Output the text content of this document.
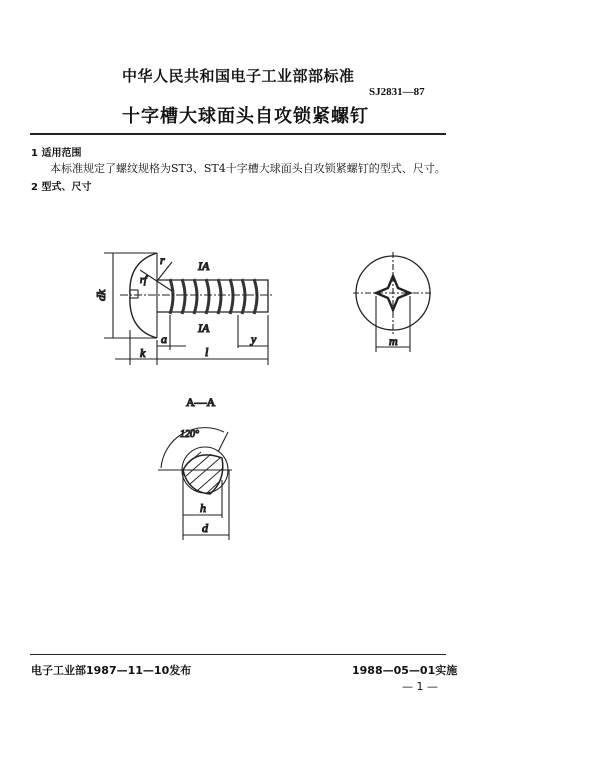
中华人民共和国电子工业部部标准
SJ2831—87
十字槽大球面头自攻锁紧螺钉
1 适用范围
本标准规定了螺纹规格为ST3、ST4十字槽大球面头自攻锁紧螺钉的型式、尺寸。
2 型式、尺寸
dk
r
rf
IA
IA
a
k	l
y	m
A—A
120°
h
d
电子工业部1987—11—10发布	1988—05—01实施
— 1 —
